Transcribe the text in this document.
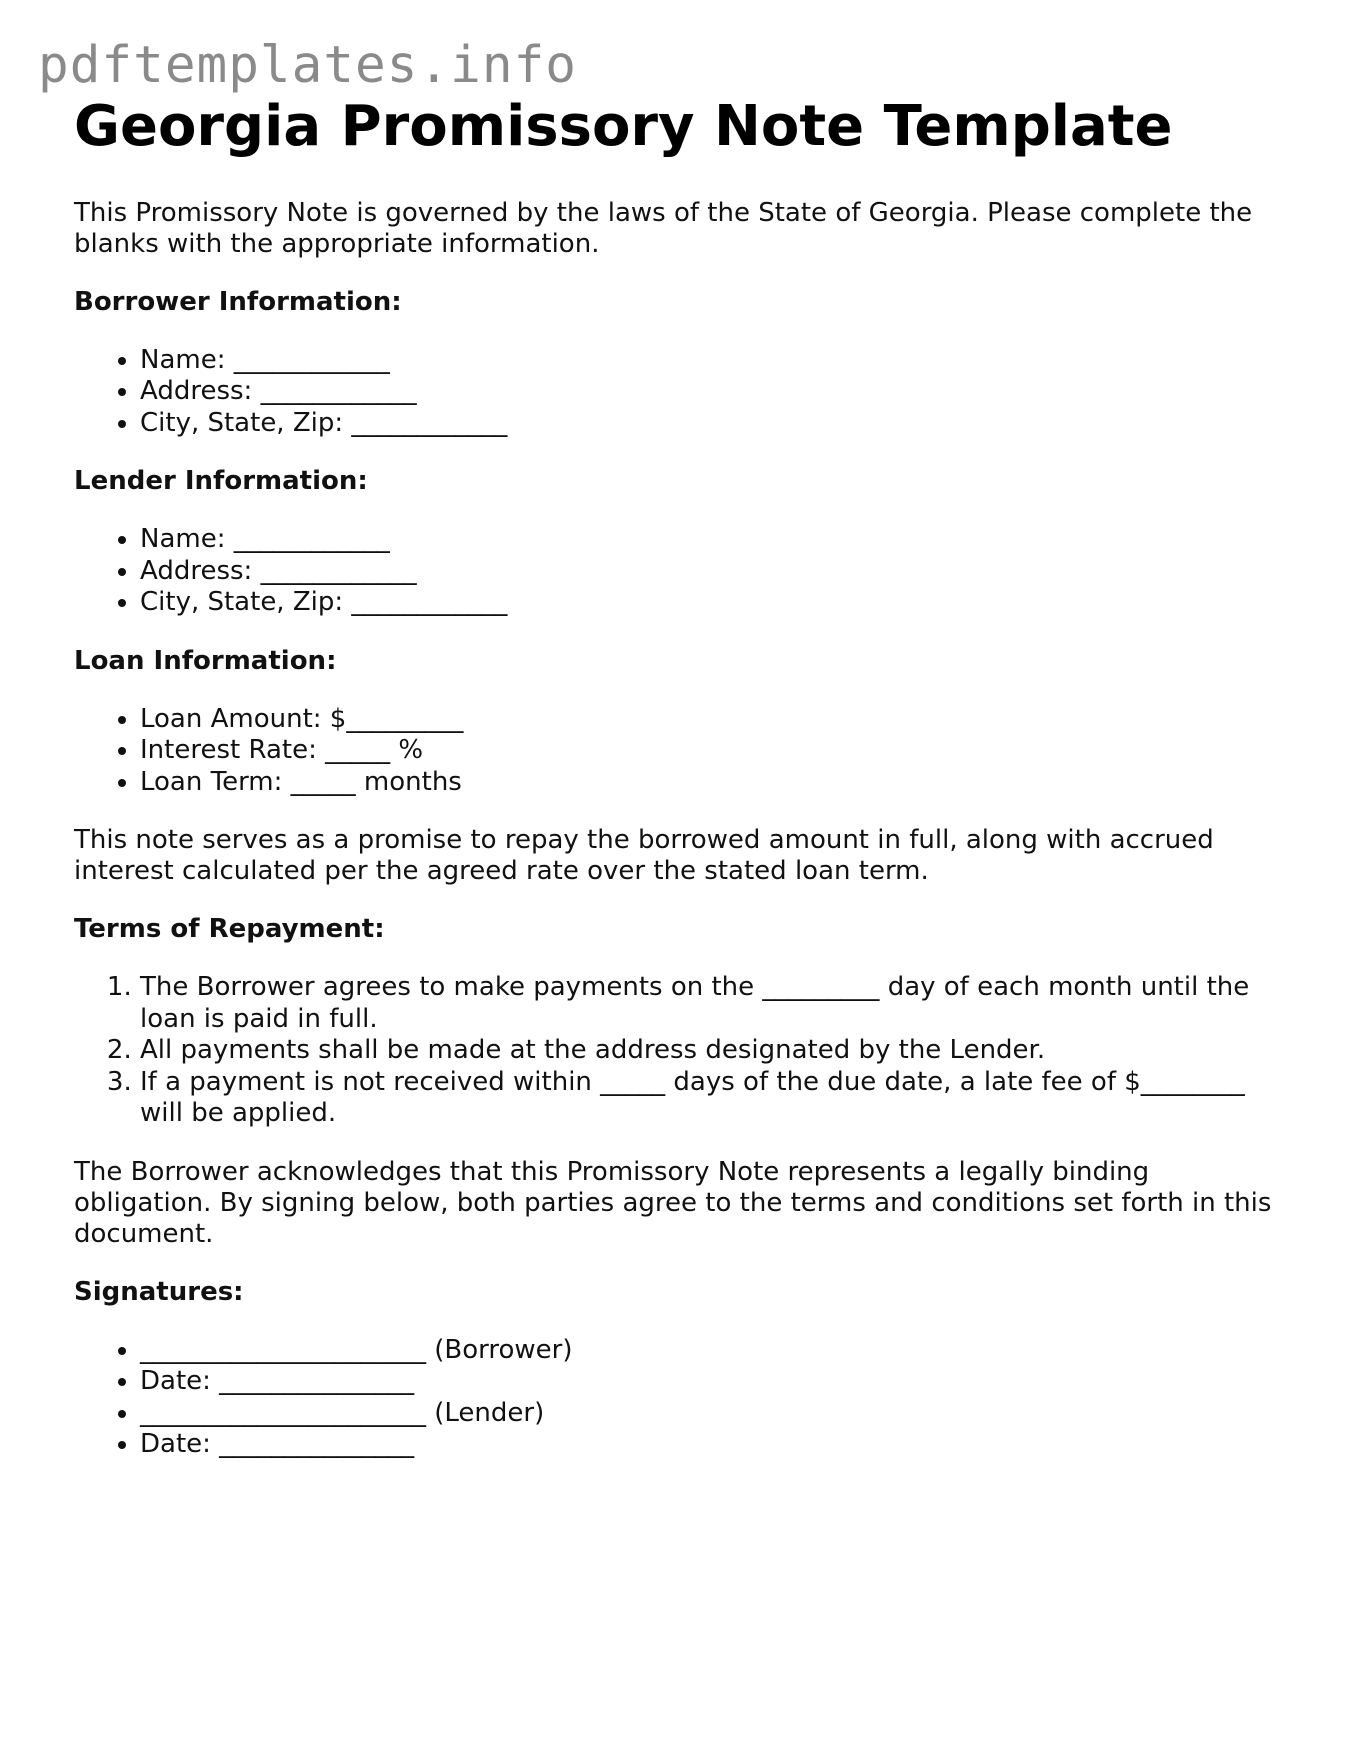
pdftemplates.info
Georgia Promissory Note Template

This Promissory Note is governed by the laws of the State of Georgia. Please complete the blanks with the appropriate information.

Borrower Information:
• Name: ____________
• Address: ____________
• City, State, Zip: ____________
Lender Information:
• Name: ____________
• Address: ____________
• City, State, Zip: ____________
Loan Information:
• Loan Amount: $_________
• Interest Rate: _____ %
• Loan Term: _____ months

This note serves as a promise to repay the borrowed amount in full, along with accrued interest calculated per the agreed rate over the stated loan term.

Terms of Repayment:
1. The Borrower agrees to make payments on the _________ day of each month until the loan is paid in full.
2. All payments shall be made at the address designated by the Lender.
3. If a payment is not received within _____ days of the due date, a late fee of $________ will be applied.

The Borrower acknowledges that this Promissory Note represents a legally binding obligation. By signing below, both parties agree to the terms and conditions set forth in this document.

Signatures:
• ______________________ (Borrower)
• Date: _______________
• ______________________ (Lender)
• Date: _______________
